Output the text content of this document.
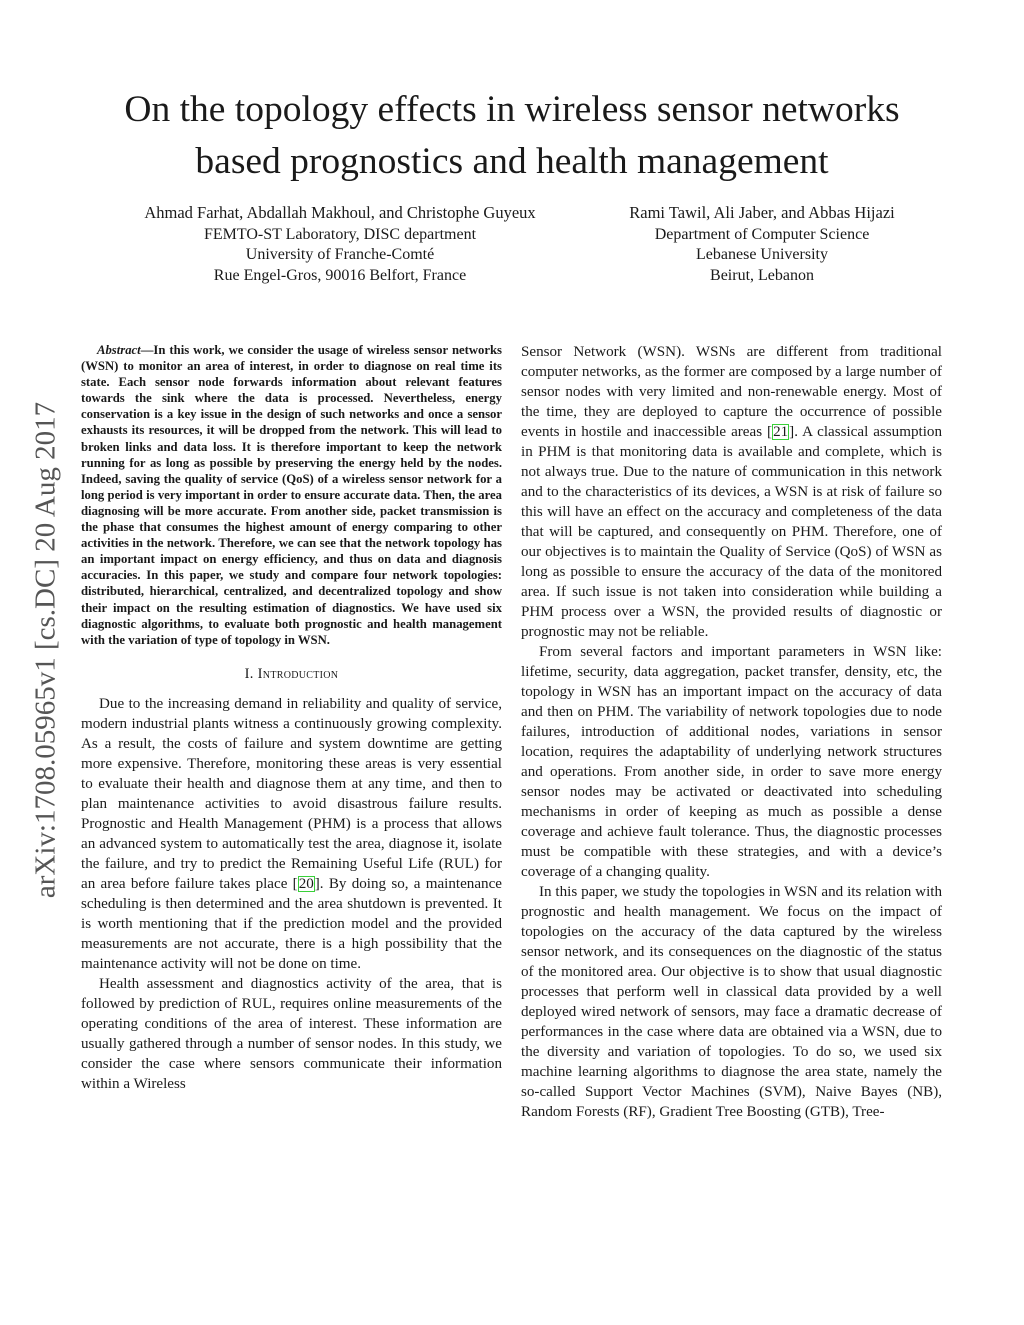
On the topology effects in wireless sensor networks
based prognostics and health management
Ahmad Farhat, Abdallah Makhoul, and Christophe Guyeux
FEMTO-ST Laboratory, DISC department
University of Franche-Comté
Rue Engel-Gros, 90016 Belfort, France
Rami Tawil, Ali Jaber, and Abbas Hijazi
Department of Computer Science
Lebanese University
Beirut, Lebanon
arXiv:1708.05965v1 [cs.DC] 20 Aug 2017

Abstract—In this work, we consider the usage of wireless sensor networks (WSN) to monitor an area of interest, in order to diagnose on real time its state. Each sensor node forwards information about relevant features towards the sink where the data is processed. Nevertheless, energy conservation is a key issue in the design of such networks and once a sensor exhausts its resources, it will be dropped from the network. This will lead to broken links and data loss. It is therefore important to keep the network running for as long as possible by preserving the energy held by the nodes. Indeed, saving the quality of service (QoS) of a wireless sensor network for a long period is very important in order to ensure accurate data. Then, the area diagnosing will be more accurate. From another side, packet transmission is the phase that consumes the highest amount of energy comparing to other activities in the network. Therefore, we can see that the network topology has an important impact on energy efficiency, and thus on data and diagnosis accuracies. In this paper, we study and compare four network topologies: distributed, hierarchical, centralized, and decentralized topology and show their impact on the resulting estimation of diagnostics. We have used six diagnostic algorithms, to evaluate both prognostic and health management with the variation of type of topology in WSN.

I. Introduction

Due to the increasing demand in reliability and quality of service, modern industrial plants witness a continuously growing complexity. As a result, the costs of failure and system downtime are getting more expensive. Therefore, monitoring these areas is very essential to evaluate their health and diagnose them at any time, and then to plan maintenance activities to avoid disastrous failure results. Prognostic and Health Management (PHM) is a process that allows an advanced system to automatically test the area, diagnose it, isolate the failure, and try to predict the Remaining Useful Life (RUL) for an area before failure takes place [20]. By doing so, a maintenance scheduling is then determined and the area shutdown is prevented. It is worth mentioning that if the prediction model and the provided measurements are not accurate, there is a high possibility that the maintenance activity will not be done on time.

Health assessment and diagnostics activity of the area, that is followed by prediction of RUL, requires online measurements of the operating conditions of the area of interest. These information are usually gathered through a number of sensor nodes. In this study, we consider the case where sensors communicate their information within a Wireless

Sensor Network (WSN). WSNs are different from traditional computer networks, as the former are composed by a large number of sensor nodes with very limited and non-renewable energy. Most of the time, they are deployed to capture the occurrence of possible events in hostile and inaccessible areas [21]. A classical assumption in PHM is that monitoring data is available and complete, which is not always true. Due to the nature of communication in this network and to the characteristics of its devices, a WSN is at risk of failure so this will have an effect on the accuracy and completeness of the data that will be captured, and consequently on PHM. Therefore, one of our objectives is to maintain the Quality of Service (QoS) of WSN as long as possible to ensure the accuracy of the data of the monitored area. If such issue is not taken into consideration while building a PHM process over a WSN, the provided results of diagnostic or prognostic may not be reliable.

From several factors and important parameters in WSN like: lifetime, security, data aggregation, packet transfer, density, etc, the topology in WSN has an important impact on the accuracy of data and then on PHM. The variability of network topologies due to node failures, introduction of additional nodes, variations in sensor location, requires the adaptability of underlying network structures and operations. From another side, in order to save more energy sensor nodes may be activated or deactivated into scheduling mechanisms in order of keeping as much as possible a dense coverage and achieve fault tolerance. Thus, the diagnostic processes must be compatible with these strategies, and with a device’s coverage of a changing quality.

In this paper, we study the topologies in WSN and its relation with prognostic and health management. We focus on the impact of topologies on the accuracy of the data captured by the wireless sensor network, and its consequences on the diagnostic of the status of the monitored area. Our objective is to show that usual diagnostic processes that perform well in classical data provided by a well deployed wired network of sensors, may face a dramatic decrease of performances in the case where data are obtained via a WSN, due to the diversity and variation of topologies. To do so, we used six machine learning algorithms to diagnose the area state, namely the so-called Support Vector Machines (SVM), Naive Bayes (NB), Random Forests (RF), Gradient Tree Boosting (GTB), Tree-
